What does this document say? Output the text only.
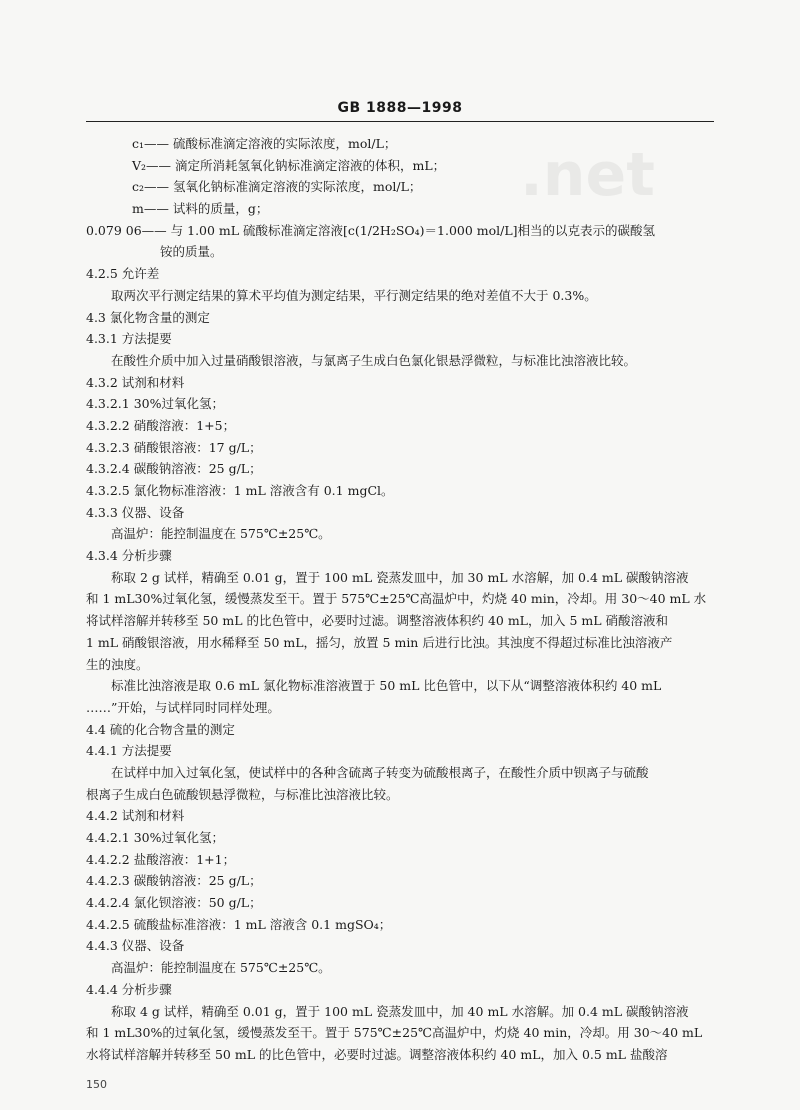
.net
GB 1888—1998
c₁—— 硫酸标准滴定溶液的实际浓度，mol/L；
V₂—— 滴定所消耗氢氧化钠标准滴定溶液的体积，mL；
c₂—— 氢氧化钠标准滴定溶液的实际浓度，mol/L；
m—— 试料的质量，g；
0.079 06—— 与 1.00 mL 硫酸标准滴定溶液[c(1/2H₂SO₄)＝1.000 mol/L]相当的以克表示的碳酸氢
铵的质量。
4.2.5 允许差
取两次平行测定结果的算术平均值为测定结果，平行测定结果的绝对差值不大于 0.3%。
4.3 氯化物含量的测定
4.3.1 方法提要
在酸性介质中加入过量硝酸银溶液，与氯离子生成白色氯化银悬浮微粒，与标准比浊溶液比较。
4.3.2 试剂和材料
4.3.2.1 30%过氧化氢；
4.3.2.2 硝酸溶液：1+5；
4.3.2.3 硝酸银溶液：17 g/L；
4.3.2.4 碳酸钠溶液：25 g/L；
4.3.2.5 氯化物标准溶液：1 mL 溶液含有 0.1 mgCl。
4.3.3 仪器、设备
高温炉：能控制温度在 575℃±25℃。
4.3.4 分析步骤
称取 2 g 试样，精确至 0.01 g，置于 100 mL 瓷蒸发皿中，加 30 mL 水溶解，加 0.4 mL 碳酸钠溶液
和 1 mL30%过氧化氢，缓慢蒸发至干。置于 575℃±25℃高温炉中，灼烧 40 min，冷却。用 30～40 mL 水
将试样溶解并转移至 50 mL 的比色管中，必要时过滤。调整溶液体积约 40 mL，加入 5 mL 硝酸溶液和
1 mL 硝酸银溶液，用水稀释至 50 mL，摇匀，放置 5 min 后进行比浊。其浊度不得超过标准比浊溶液产
生的浊度。
标准比浊溶液是取 0.6 mL 氯化物标准溶液置于 50 mL 比色管中，以下从“调整溶液体积约 40 mL
……”开始，与试样同时同样处理。
4.4 硫的化合物含量的测定
4.4.1 方法提要
在试样中加入过氧化氢，使试样中的各种含硫离子转变为硫酸根离子，在酸性介质中钡离子与硫酸
根离子生成白色硫酸钡悬浮微粒，与标准比浊溶液比较。
4.4.2 试剂和材料
4.4.2.1 30%过氧化氢；
4.4.2.2 盐酸溶液：1+1；
4.4.2.3 碳酸钠溶液：25 g/L；
4.4.2.4 氯化钡溶液：50 g/L；
4.4.2.5 硫酸盐标准溶液：1 mL 溶液含 0.1 mgSO₄；
4.4.3 仪器、设备
高温炉：能控制温度在 575℃±25℃。
4.4.4 分析步骤
称取 4 g 试样，精确至 0.01 g，置于 100 mL 瓷蒸发皿中，加 40 mL 水溶解。加 0.4 mL 碳酸钠溶液
和 1 mL30%的过氧化氢，缓慢蒸发至干。置于 575℃±25℃高温炉中，灼烧 40 min，冷却。用 30～40 mL
水将试样溶解并转移至 50 mL 的比色管中，必要时过滤。调整溶液体积约 40 mL，加入 0.5 mL 盐酸溶
150
